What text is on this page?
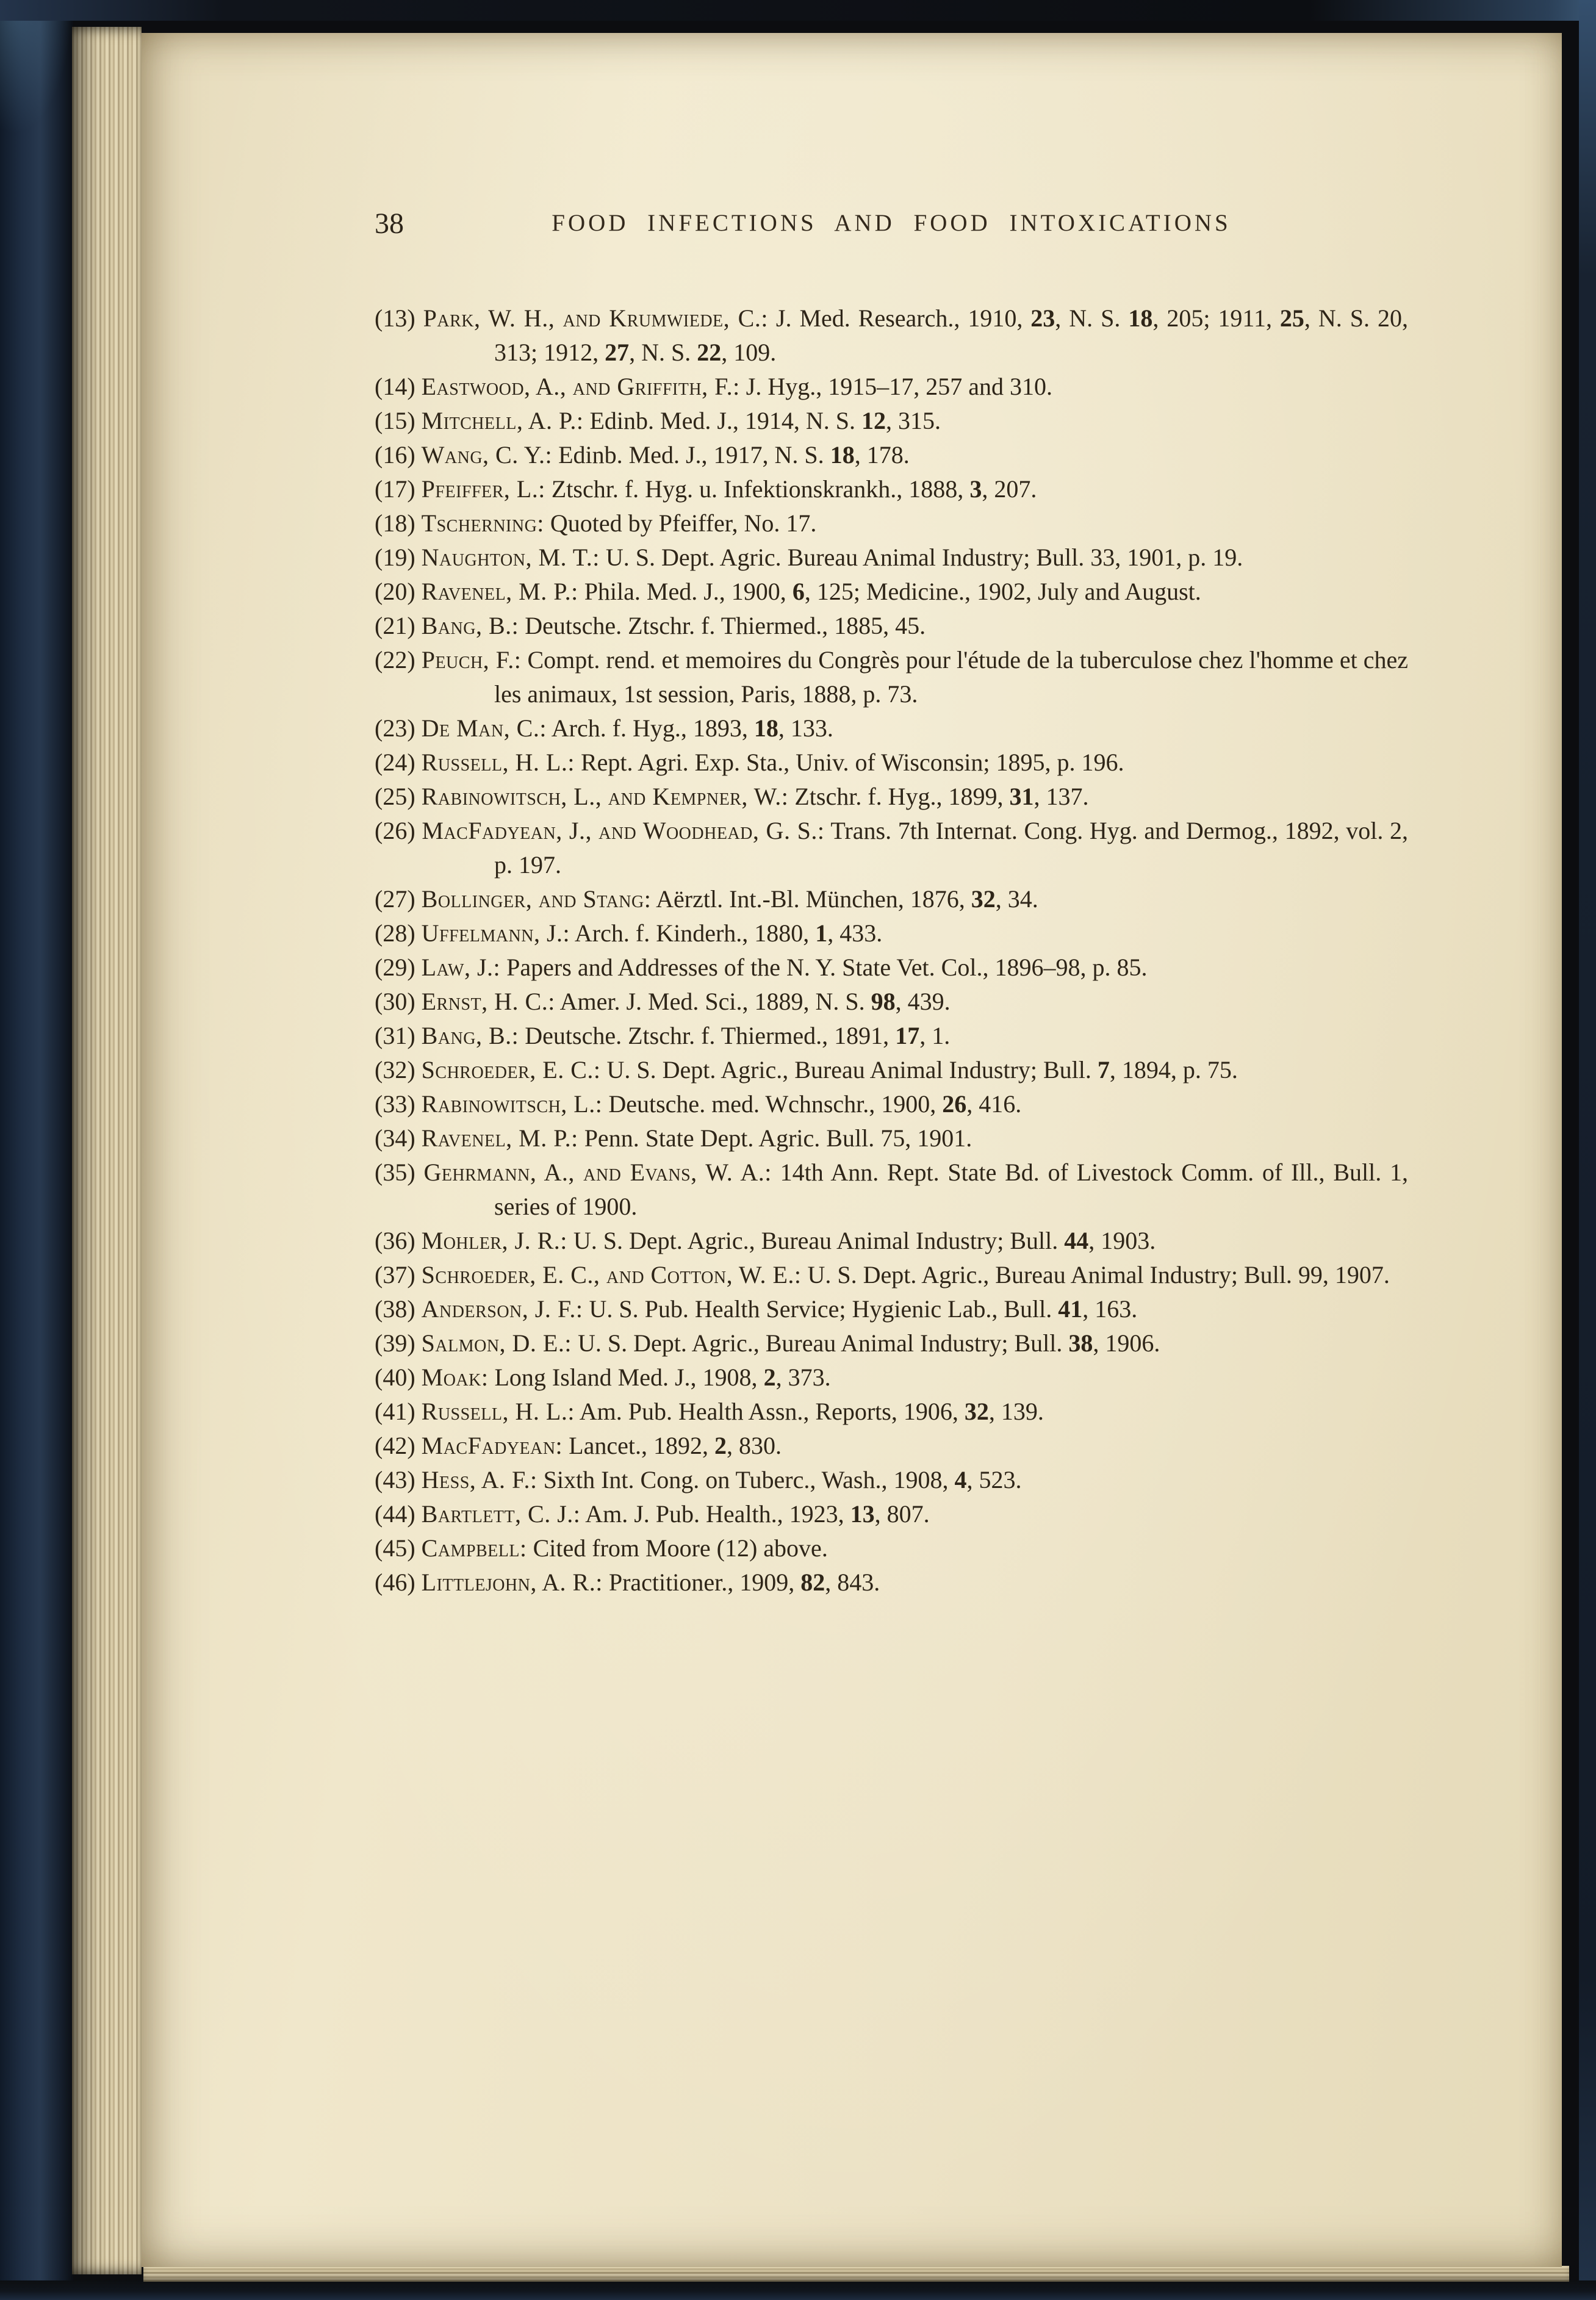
38	FOOD INFECTIONS AND FOOD INTOXICATIONS
(13) Park, W. H., and Krumwiede, C.: J. Med. Research., 1910, 23, N. S. 18, 205; 1911, 25, N. S. 20, 313; 1912, 27, N. S. 22, 109.
(14) Eastwood, A., and Griffith, F.: J. Hyg., 1915–17, 257 and 310.
(15) Mitchell, A. P.: Edinb. Med. J., 1914, N. S. 12, 315.
(16) Wang, C. Y.: Edinb. Med. J., 1917, N. S. 18, 178.
(17) Pfeiffer, L.: Ztschr. f. Hyg. u. Infektionskrankh., 1888, 3, 207.
(18) Tscherning: Quoted by Pfeiffer, No. 17.
(19) Naughton, M. T.: U. S. Dept. Agric. Bureau Animal Industry; Bull. 33, 1901, p. 19.
(20) Ravenel, M. P.: Phila. Med. J., 1900, 6, 125; Medicine., 1902, July and August.
(21) Bang, B.: Deutsche. Ztschr. f. Thiermed., 1885, 45.
(22) Peuch, F.: Compt. rend. et memoires du Congrès pour l'étude de la tuberculose chez l'homme et chez les animaux, 1st session, Paris, 1888, p. 73.
(23) De Man, C.: Arch. f. Hyg., 1893, 18, 133.
(24) Russell, H. L.: Rept. Agri. Exp. Sta., Univ. of Wisconsin; 1895, p. 196.
(25) Rabinowitsch, L., and Kempner, W.: Ztschr. f. Hyg., 1899, 31, 137.
(26) MacFadyean, J., and Woodhead, G. S.: Trans. 7th Internat. Cong. Hyg. and Dermog., 1892, vol. 2, p. 197.
(27) Bollinger, and Stang: Aërztl. Int.-Bl. München, 1876, 32, 34.
(28) Uffelmann, J.: Arch. f. Kinderh., 1880, 1, 433.
(29) Law, J.: Papers and Addresses of the N. Y. State Vet. Col., 1896–98, p. 85.
(30) Ernst, H. C.: Amer. J. Med. Sci., 1889, N. S. 98, 439.
(31) Bang, B.: Deutsche. Ztschr. f. Thiermed., 1891, 17, 1.
(32) Schroeder, E. C.: U. S. Dept. Agric., Bureau Animal Industry; Bull. 7, 1894, p. 75.
(33) Rabinowitsch, L.: Deutsche. med. Wchnschr., 1900, 26, 416.
(34) Ravenel, M. P.: Penn. State Dept. Agric. Bull. 75, 1901.
(35) Gehrmann, A., and Evans, W. A.: 14th Ann. Rept. State Bd. of Livestock Comm. of Ill., Bull. 1, series of 1900.
(36) Mohler, J. R.: U. S. Dept. Agric., Bureau Animal Industry; Bull. 44, 1903.
(37) Schroeder, E. C., and Cotton, W. E.: U. S. Dept. Agric., Bureau Animal Industry; Bull. 99, 1907.
(38) Anderson, J. F.: U. S. Pub. Health Service; Hygienic Lab., Bull. 41, 163.
(39) Salmon, D. E.: U. S. Dept. Agric., Bureau Animal Industry; Bull. 38, 1906.
(40) Moak: Long Island Med. J., 1908, 2, 373.
(41) Russell, H. L.: Am. Pub. Health Assn., Reports, 1906, 32, 139.
(42) MacFadyean: Lancet., 1892, 2, 830.
(43) Hess, A. F.: Sixth Int. Cong. on Tuberc., Wash., 1908, 4, 523.
(44) Bartlett, C. J.: Am. J. Pub. Health., 1923, 13, 807.
(45) Campbell: Cited from Moore (12) above.
(46) Littlejohn, A. R.: Practitioner., 1909, 82, 843.
